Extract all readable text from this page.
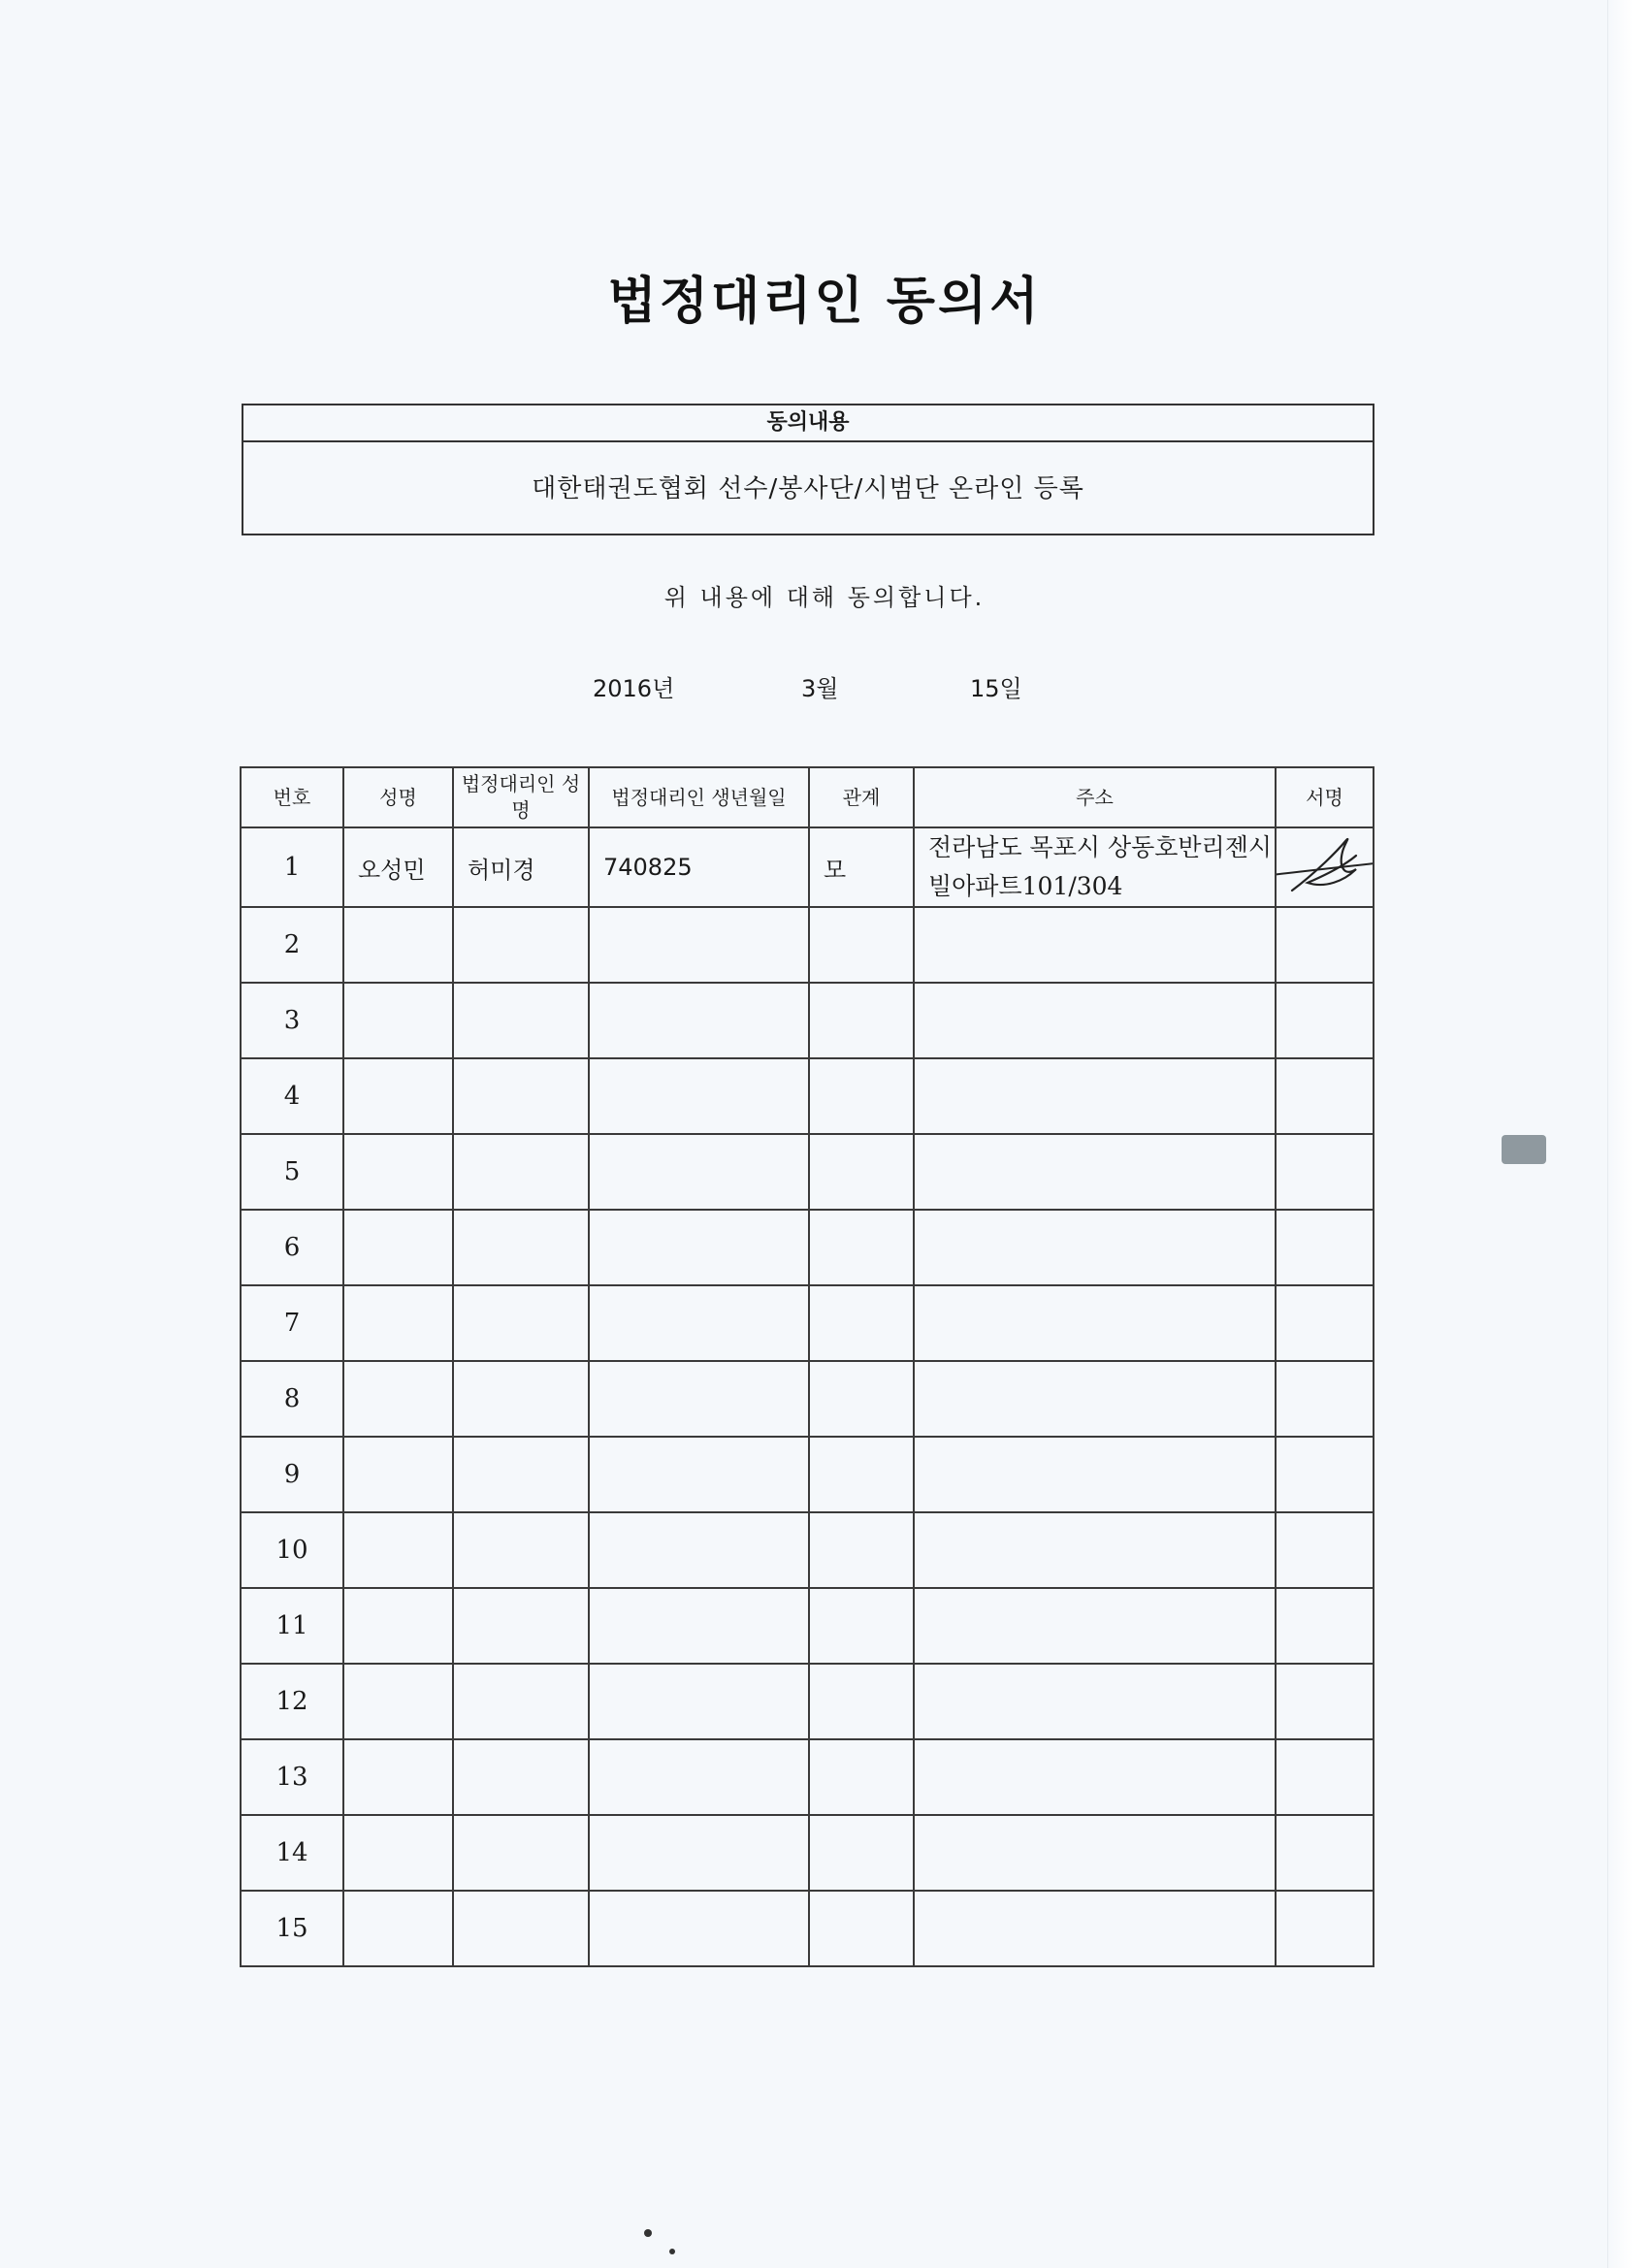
법정대리인 동의서
동의내용
대한태권도협회 선수/봉사단/시범단 온라인 등록
위 내용에 대해 동의합니다.
2016년	3월	15일
번호	성명	법정대리인 성명	법정대리인 생년월일	관계	주소	서명
1	오성민	허미경	740825	모	전라남도 목포시 상동호반리젠시빌아파트101/304	

2						
3						
4						
5						
6						
7						
8						
9						
10						
11						
12						
13						
14						
15						
